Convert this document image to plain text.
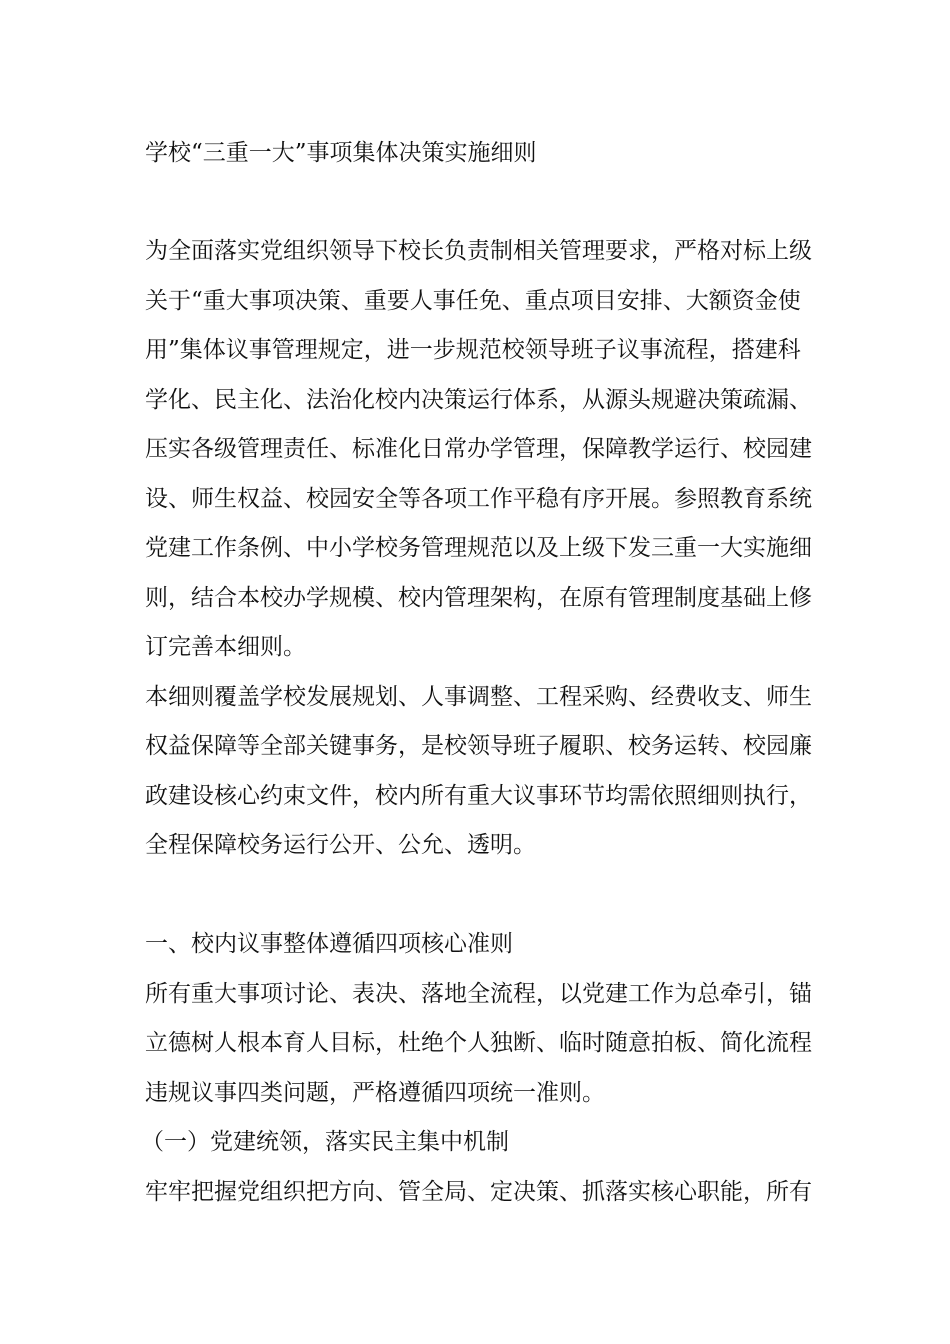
学校“三重一大”事项集体决策实施细则
为全面落实党组织领导下校长负责制相关管理要求，严格对标上级
关于“重大事项决策、重要人事任免、重点项目安排、大额资金使
用”集体议事管理规定，进一步规范校领导班子议事流程，搭建科
学化、民主化、法治化校内决策运行体系，从源头规避决策疏漏、
压实各级管理责任、标准化日常办学管理，保障教学运行、校园建
设、师生权益、校园安全等各项工作平稳有序开展。参照教育系统
党建工作条例、中小学校务管理规范以及上级下发三重一大实施细
则，结合本校办学规模、校内管理架构，在原有管理制度基础上修
订完善本细则。
本细则覆盖学校发展规划、人事调整、工程采购、经费收支、师生
权益保障等全部关键事务，是校领导班子履职、校务运转、校园廉
政建设核心约束文件，校内所有重大议事环节均需依照细则执行，
全程保障校务运行公开、公允、透明。
一、校内议事整体遵循四项核心准则
所有重大事项讨论、表决、落地全流程，以党建工作为总牵引，锚
立德树人根本育人目标，杜绝个人独断、临时随意拍板、简化流程
违规议事四类问题，严格遵循四项统一准则。
（一）党建统领，落实民主集中机制
牢牢把握党组织把方向、管全局、定决策、抓落实核心职能，所有
